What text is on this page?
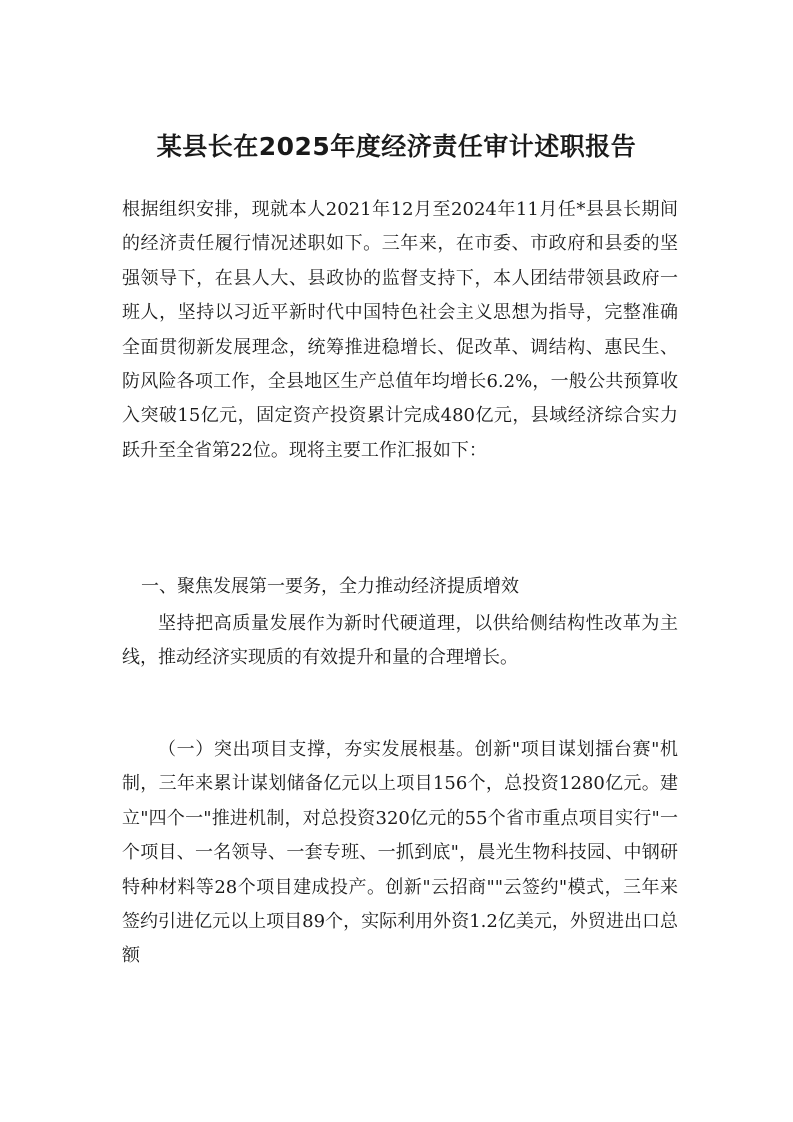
某县长在2025年度经济责任审计述职报告

根据组织安排，现就本人2021年12月至2024年11月任*县县长期间的经济责任履行情况述职如下。三年来，在市委、市政府和县委的坚强领导下，在县人大、县政协的监督支持下，本人团结带领县政府一班人，坚持以习近平新时代中国特色社会主义思想为指导，完整准确全面贯彻新发展理念，统筹推进稳增长、促改革、调结构、惠民生、防风险各项工作，全县地区生产总值年均增长6.2%，一般公共预算收入突破15亿元，固定资产投资累计完成480亿元，县域经济综合实力跃升至全省第22位。现将主要工作汇报如下：

一、聚焦发展第一要务，全力推动经济提质增效

坚持把高质量发展作为新时代硬道理，以供给侧结构性改革为主线，推动经济实现质的有效提升和量的合理增长。

（一）突出项目支撑，夯实发展根基。创新"项目谋划擂台赛"机制，三年来累计谋划储备亿元以上项目156个，总投资1280亿元。建立"四个一"推进机制，对总投资320亿元的55个省市重点项目实行"一个项目、一名领导、一套专班、一抓到底"，晨光生物科技园、中钢研特种材料等28个项目建成投产。创新"云招商""云签约"模式，三年来签约引进亿元以上项目89个，实际利用外资1.2亿美元，外贸进出口总额
